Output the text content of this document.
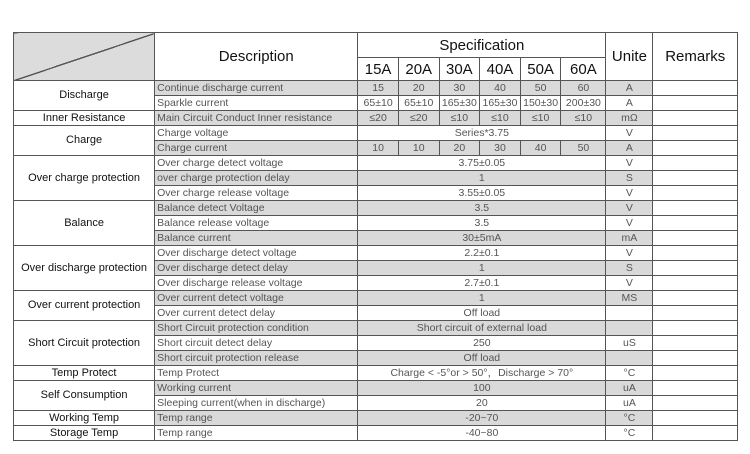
	Description	Specification						Unite	Remarks
		15A	20A	30A	40A	50A	60A		
Discharge	Continue discharge current	15	20	30	40	50	60	A	
	Sparkle current	65±10	65±10	165±30	165±30	150±30	200±30	A	
Inner Resistance	Main Circuit Conduct Inner resistance	≤20	≤20	≤10	≤10	≤10	≤10	mΩ	
Charge	Charge voltage	Series*3.75						V	
	Charge current	10	10	20	30	40	50	A	
Over charge protection	Over charge detect voltage	3.75±0.05						V	
	over charge protection delay	1						S	
	Over charge release voltage	3.55±0.05						V	
Balance	Balance detect Voltage	3.5						V	
	Balance release voltage	3.5						V	
	Balance current	30±5mA						mA	
Over discharge protection	Over discharge detect voltage	2.2±0.1						V	
	Over discharge detect delay	1						S	
	Over discharge release voltage	2.7±0.1						V	
Over current protection	Over current detect voltage	1						MS	
	Over current detect delay	Off load							
Short Circuit protection	Short Circuit protection condition	Short circuit of external load							
	Short circuit detect delay	250						uS	
	Short circuit protection release	Off load							
Temp Protect	Temp Protect	Charge < -5°or > 50°，Discharge > 70°						°C	
Self Consumption	Working current	100						uA	
	Sleeping current(when in discharge)	20						uA	
Working Temp	Temp range	-20~70						°C	
Storage Temp	Temp range	-40~80						°C	
